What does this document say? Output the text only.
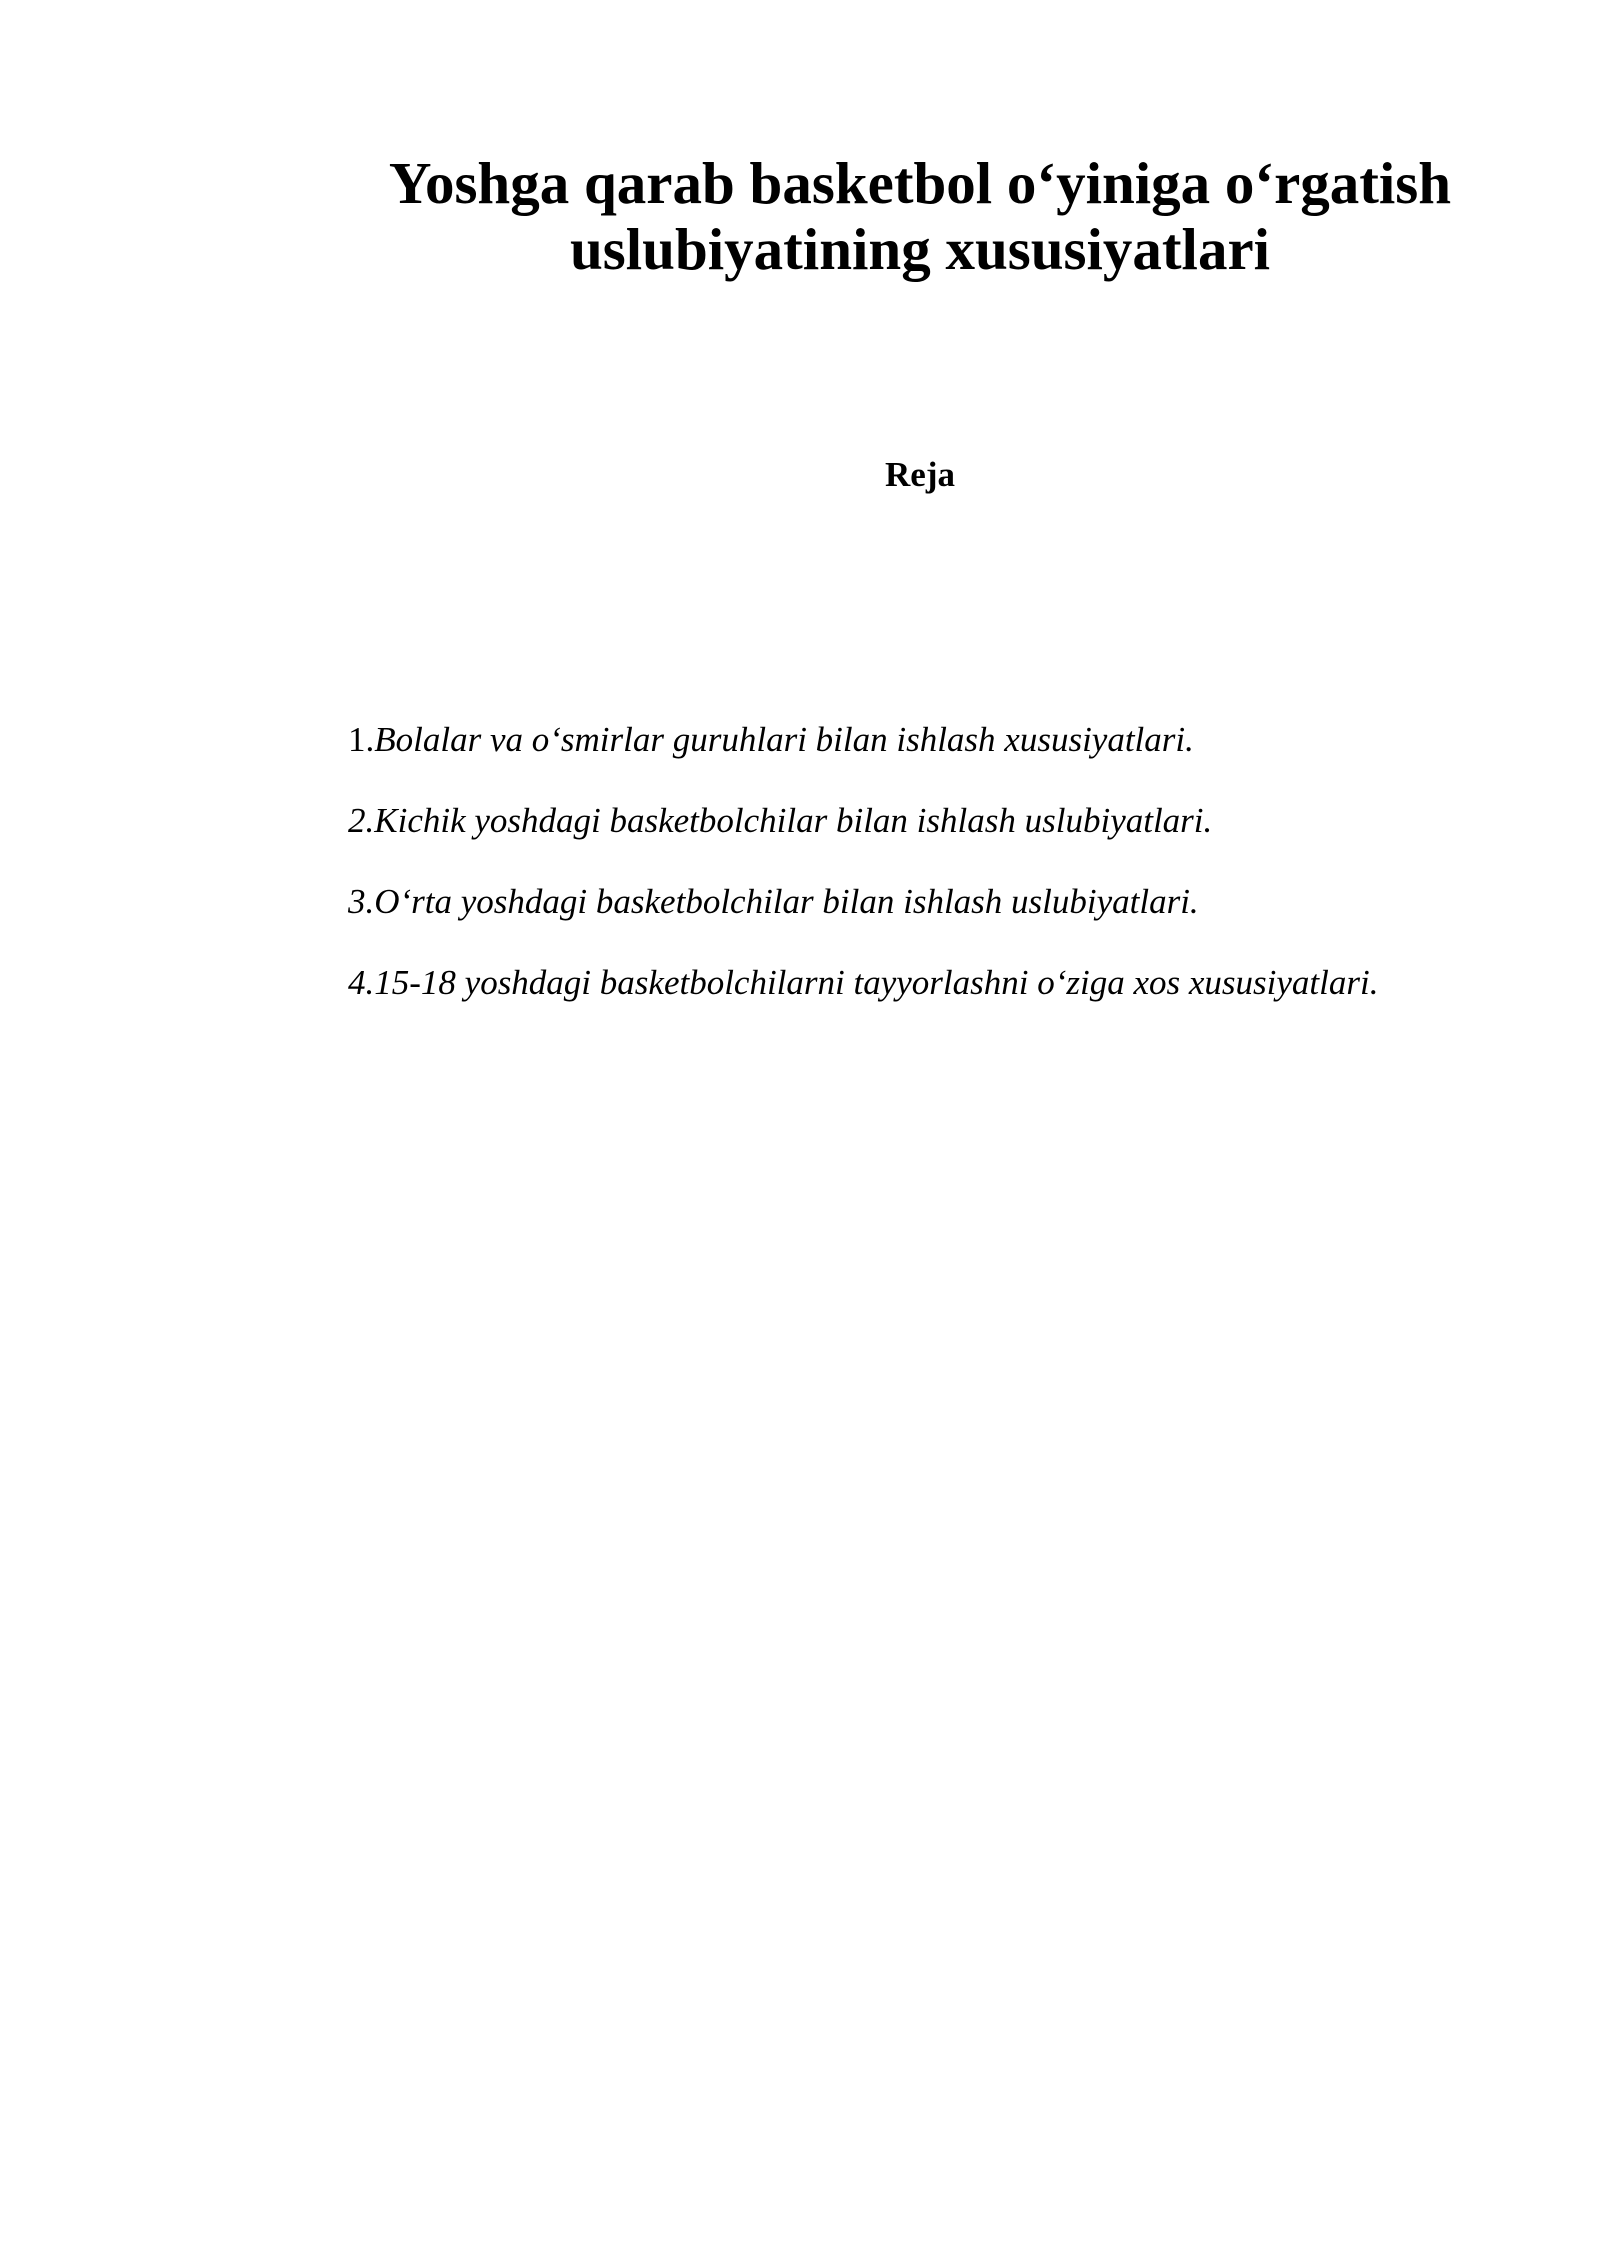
Yoshga qarab basketbol o‘yiniga o‘rgatish
uslubiyatining xususiyatlari
Reja
1.Bolalar va o‘smirlar guruhlari bilan ishlash xususiyatlari.
2.Kichik yoshdagi basketbolchilar bilan ishlash uslubiyatlari.
3.O‘rta yoshdagi basketbolchilar bilan ishlash uslubiyatlari.
4.15-18 yoshdagi basketbolchilarni tayyorlashni o‘ziga xos xususiyatlari.
